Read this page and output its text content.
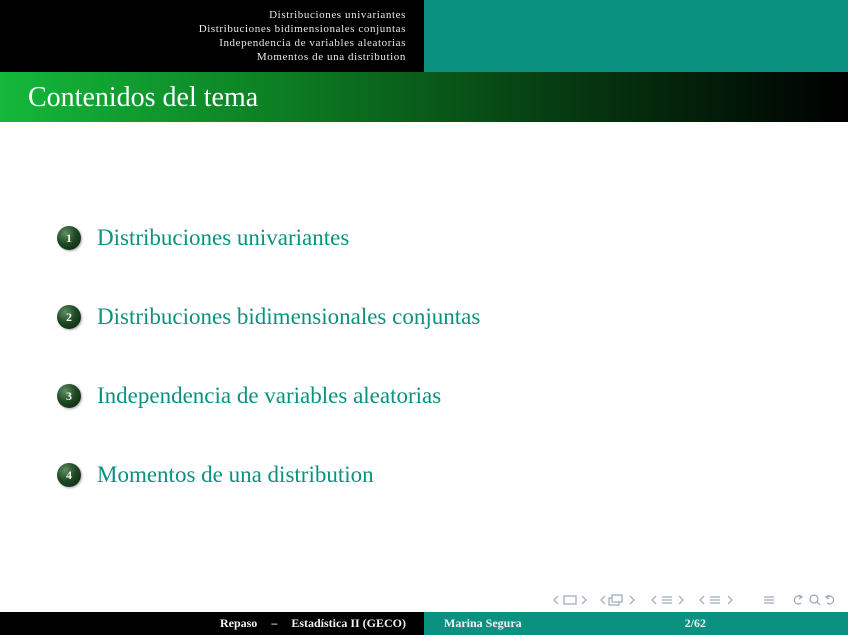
Distribuciones univariantes
Distribuciones bidimensionales conjuntas
Independencia de variables aleatorias
Momentos de una distribution
Contenidos del tema
1	Distribuciones univariantes
2	Distribuciones bidimensionales conjuntas
3	Independencia de variables aleatorias
4	Momentos de una distribution
Repaso – Estadística II (GECO)	Marina Segura	2/62
